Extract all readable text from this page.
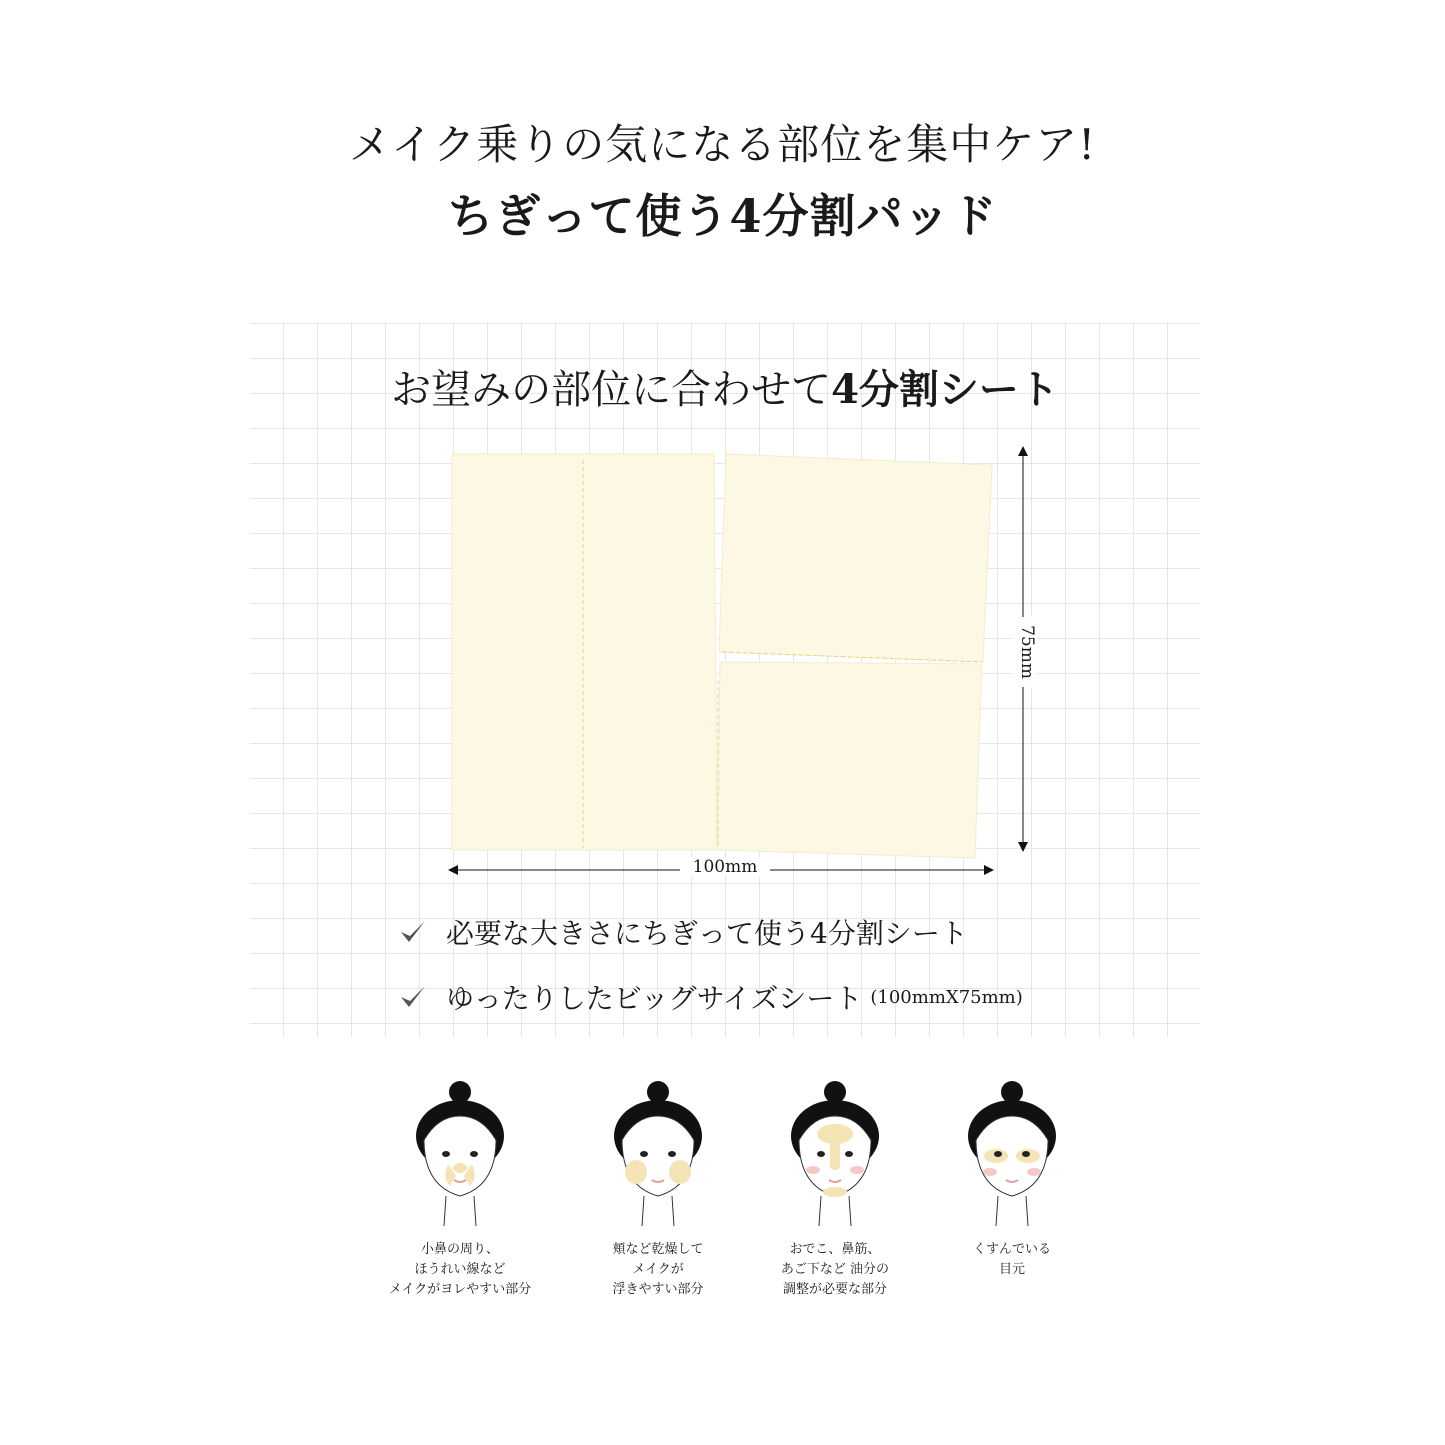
メイク乗りの気になる部位を集中ケア!
ちぎって使う4分割パッド
お望みの部位に合わせて4分割シート
100mm
75mm
必要な大きさにちぎって使う4分割シート
ゆったりしたビッグサイズシート (100mmX75mm)
小鼻の周り、
ほうれい線など
メイクがヨレやすい部分
頬など乾燥して
メイクが
浮きやすい部分
おでこ、鼻筋、
あご下など 油分の
調整が必要な部分
くすんでいる
目元
